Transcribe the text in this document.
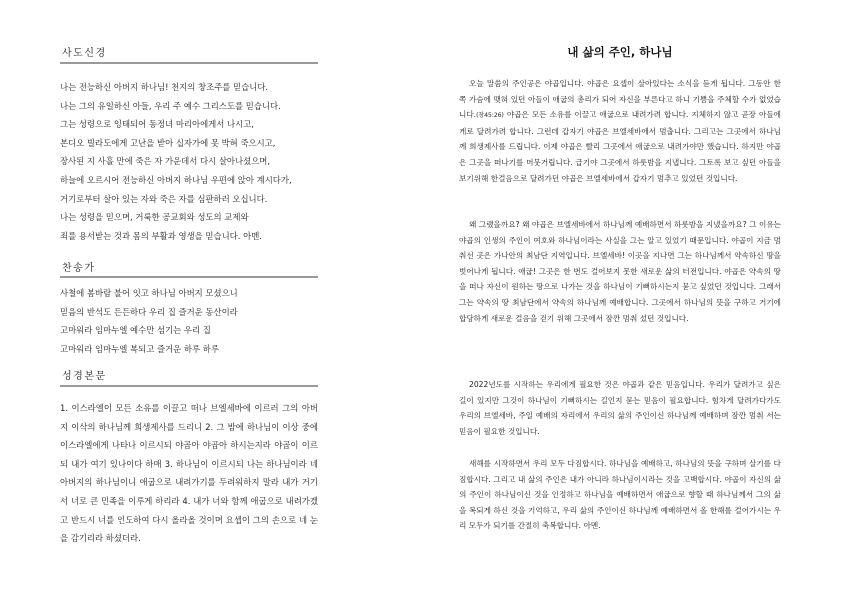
사도신경
나는 전능하신 아버지 하나님! 천지의 창조주를 믿습니다.
나는 그의 유일하신 아들, 우리 주 예수 그리스도를 믿습니다.
그는 성령으로 잉태되어 동정녀 마리아에게서 나시고,
본디오 빌라도에게 고난을 받아 십자가에 못 박혀 죽으시고,
장사된 지 사흘 만에 죽은 자 가운데서 다시 살아나셨으며,
하늘에 오르시어 전능하신 아버지 하나님 우편에 앉아 계시다가,
거기로부터 살아 있는 자와 죽은 자를 심판하러 오십니다.
나는 성령을 믿으며, 거룩한 공교회와 성도의 교제와
죄를 용서받는 것과 몸의 부활과 영생을 믿습니다. 아멘.
찬송가
사철에 봄바람 불어 잇고 하나님 아버지 모셨으니
믿음의 반석도 든든하다 우리 집 즐거운 동산이라
고마워라 임마누엘 예수만 섬기는 우리 집
고마워라 임마누엘 복되고 즐거운 하루 하루
성경본문

1. 이스라엘이 모든 소유를 이끌고 떠나 브엘세바에 이르러 그의 아버지 이삭의 하나님께 희생제사를 드리니 2. 그 밤에 하나님이 이상 중에 이스라엘에게 나타나 이르시되 야곱아 야곱아 하시는지라 야곱이 이르되 내가 여기 있나이다 하매 3. 하나님이 이르시되 나는 하나님이라 네 아버지의 하나님이니 애굽으로 내려가기를 두려워하지 말라 내가 거기서 너로 큰 민족을 이루게 하리라 4. 내가 너와 함께 애굽으로 내려가겠고 반드시 너를 인도하여 다시 올라올 것이며 요셉이 그의 손으로 네 눈을 감기리라 하셨더라.

내 삶의 주인, 하나님

오늘 말씀의 주인공은 야곱입니다. 야곱은 요셉이 살아있다는 소식을 듣게 됩니다. 그동안 한 쪽 가슴에 맺혀 있던 아들이 애굽의 총리가 되어 자신을 부른다고 하니 기쁨을 주체할 수가 없었습니다.(창45:26) 야곱은 모든 소유를 이끌고 애굽으로 내려가려 합니다. 지체하지 않고 곧장 아들에게로 달려가려 합니다. 그런데 갑자기 야곱은 브엘세바에서 멈춥니다. 그리고는 그곳에서 하나님께 희생제사를 드립니다. 이제 야곱은 빨리 그곳에서 애굽으로 내려가야만 했습니다. 하지만 야곱은 그곳을 떠나기를 머뭇거립니다. 급기야 그곳에서 하룻밤을 지냅니다. 그토록 보고 싶던 아들을 보기위해 한걸음으로 달려가던 야곱은 브엘세바에서 갑자기 멈추고 있었던 것입니다.

왜 그랬을까요? 왜 야곱은 브엘세바에서 하나님께 예배하면서 하룻밤을 지냈을까요? 그 이유는 야곱의 인생의 주인이 여호와 하나님이라는 사실을 그는 알고 있었기 때문입니다. 야곱이 지금 멈춰선 곳은 가나안의 최남단 지역입니다. 브엘세바! 이곳을 지나면 그는 하나님께서 약속하신 땅을 벗어나게 됩니다. 애굽! 그곳은 한 번도 걸어보지 못한 새로운 삶의 터전입니다. 야곱은 약속의 땅을 떠나 자신이 원하는 땅으로 나가는 것을 하나님이 기뻐하시는지 묻고 싶었던 것입니다. 그래서 그는 약속의 땅 최남단에서 약속의 하나님께 예배합니다. 그곳에서 하나님의 뜻을 구하고 거기에 합당하게 새로운 걸음을 걷기 위해 그곳에서 잠깐 멈춰 섰던 것입니다.

2022년도를 시작하는 우리에게 필요한 것은 야곱과 같은 믿음입니다. 우리가 달려가고 싶은 길이 있지만 그것이 하나님이 기뻐하시는 길인지 묻는 믿음이 필요합니다. 힘차게 달려가다가도 우리의 브엘세바, 주일 예배의 자리에서 우리의 삶의 주인이신 하나님께 예배하며 잠깐 멈춰 서는 믿음이 필요한 것입니다.

새해를 시작하면서 우리 모두 다짐합시다. 하나님을 예배하고, 하나님의 뜻을 구하며 살기를 다짐합시다. 그리고 내 삶의 주인은 내가 아니라 하나님이시라는 것을 고백합시다. 야곱이 자신의 삶의 주인이 하나님이신 것을 인정하고 하나님을 예배하면서 애굽으로 향할 때 하나님께서 그의 삶을 복되게 하신 것을 기억하고, 우리 삶의 주인이신 하나님께 예배하면서 올 한해를 걸어가시는 우리 모두가 되기를 간절히 축복합니다. 아멘.
